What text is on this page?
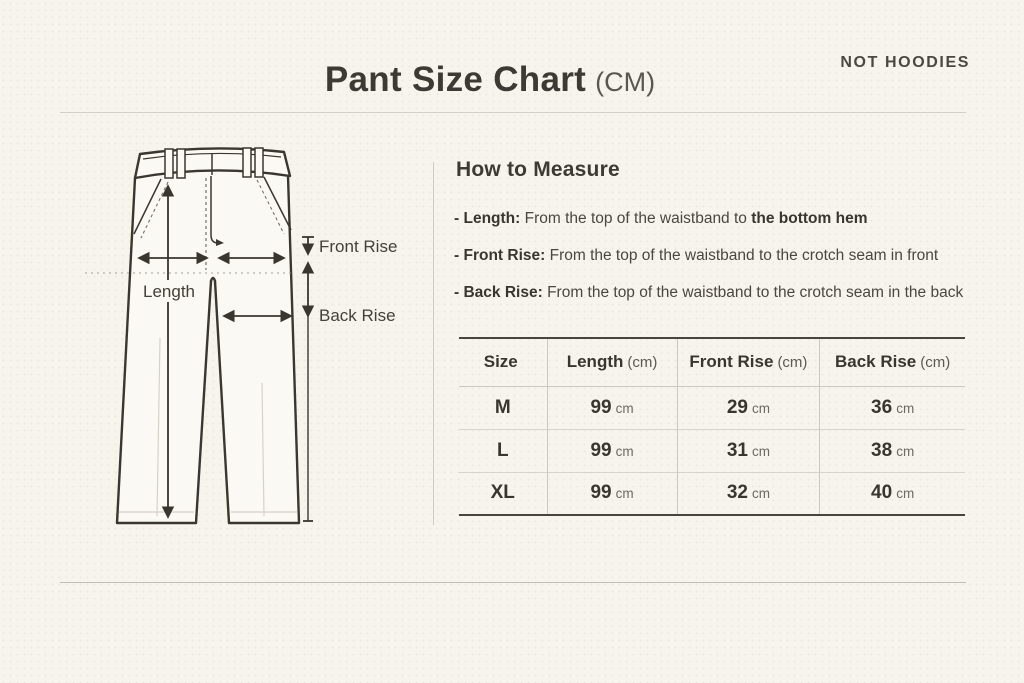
Pant Size Chart (CM)
NOT HOODIES
Length
Front Rise
Back Rise
How to Measure
- Length: From the top of the waistband to the bottom hem
- Front Rise: From the top of the waistband to the crotch seam in front
- Back Rise: From the top of the waistband to the crotch seam in the back
Size	Length (cm)	Front Rise (cm)	Back Rise (cm)
M	99 cm	29 cm	36 cm
L	99 cm	31 cm	38 cm
XL	99 cm	32 cm	40 cm
